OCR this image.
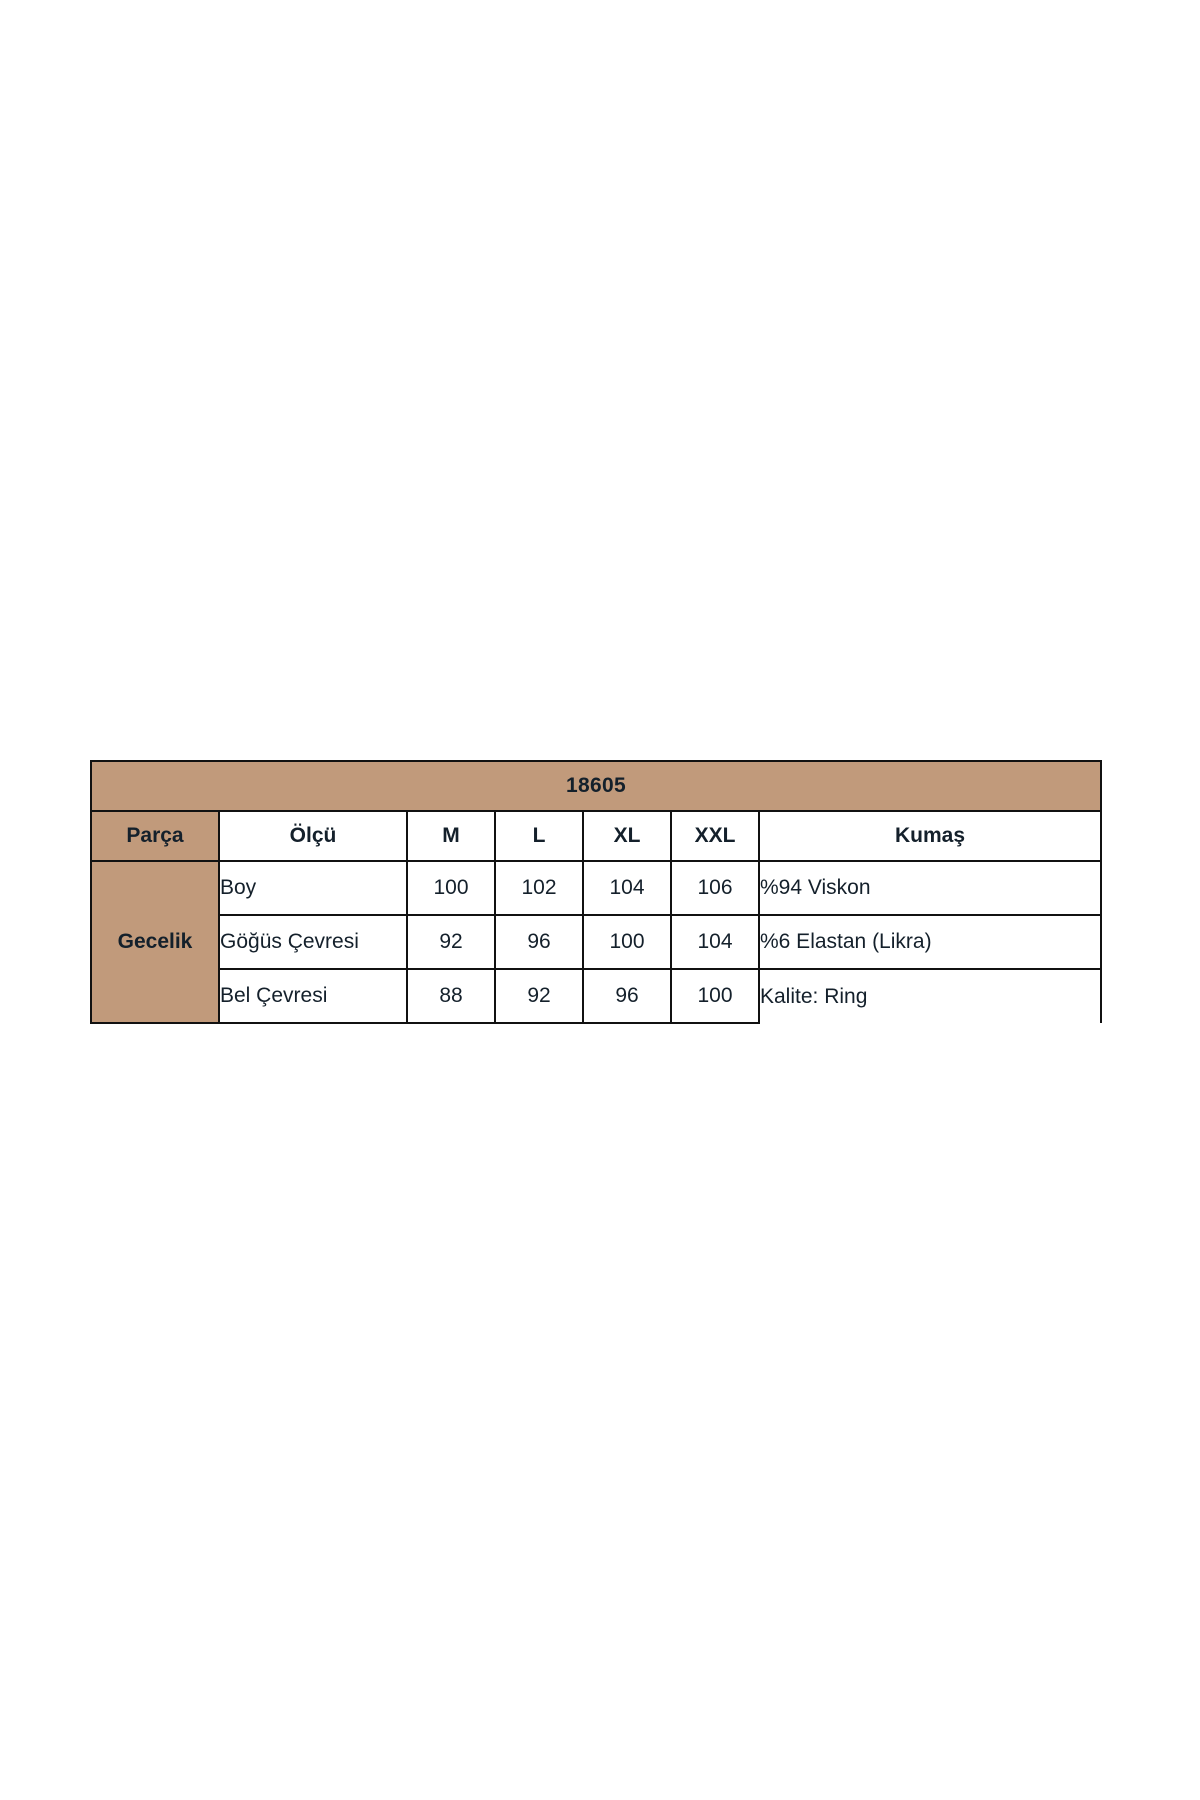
18605						
Parça	Ölçü	M	L	XL	XXL	Kumaş
Gecelik	Boy	100	102	104	106	%94 Viskon
	Göğüs Çevresi	92	96	100	104	%6 Elastan (Likra)
	Bel Çevresi	88	92	96	100	Kalite: Ring
